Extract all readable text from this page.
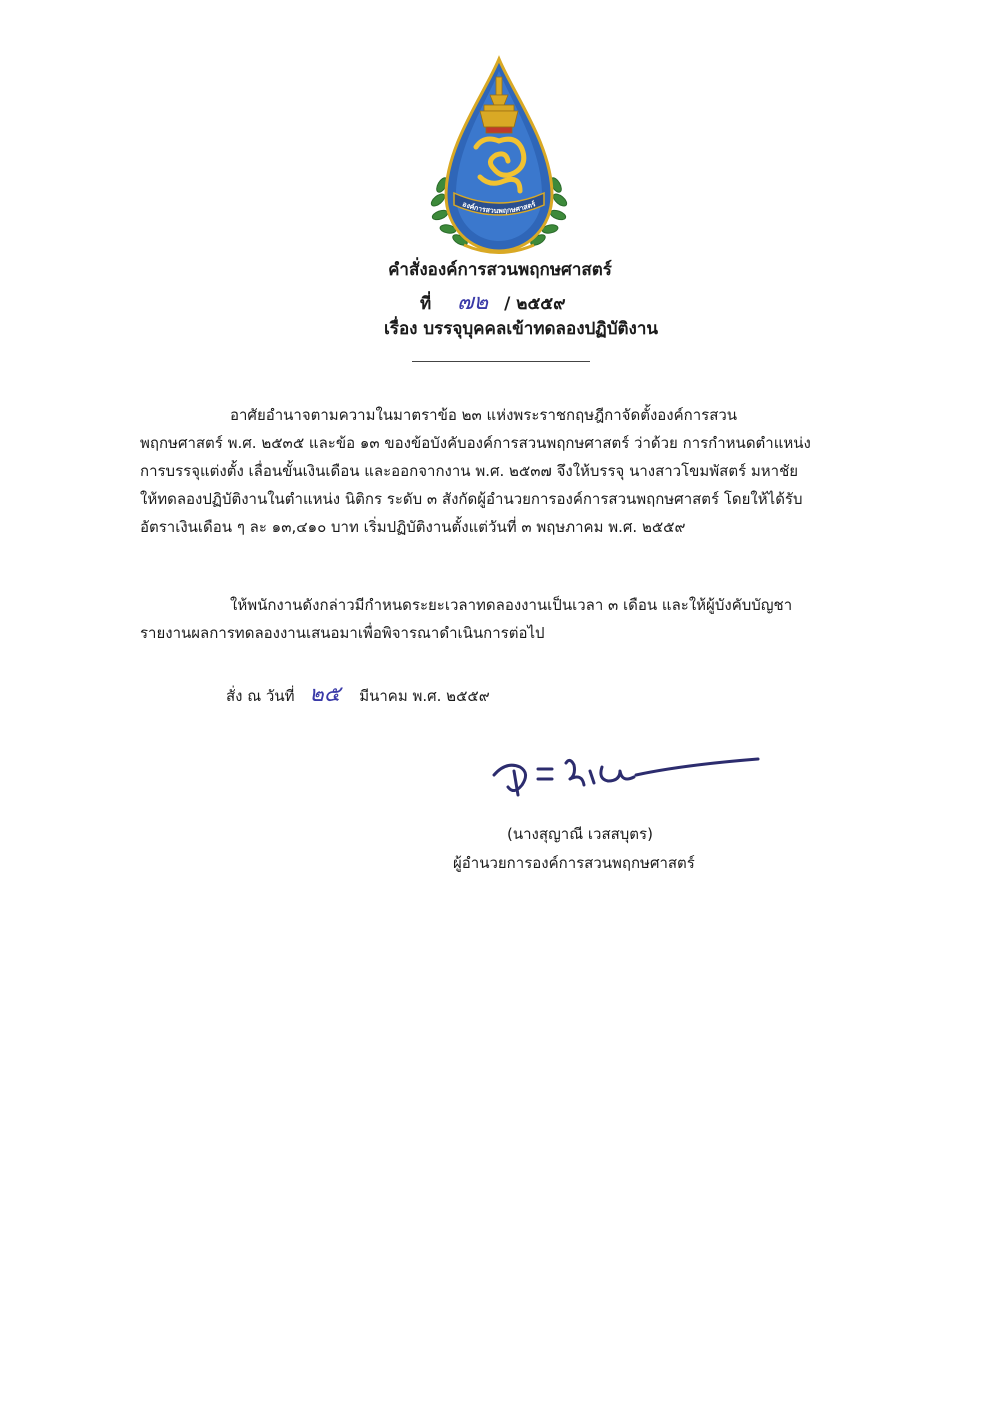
องค์การสวนพฤกษศาสตร์
คำสั่งองค์การสวนพฤกษศาสตร์
ที่ ๗๒ / ๒๕๕๙
เรื่อง บรรจุบุคคลเข้าทดลองปฏิบัติงาน
อาศัยอำนาจตามความในมาตราข้อ ๒๓ แห่งพระราชกฤษฎีกาจัดตั้งองค์การสวน
พฤกษศาสตร์ พ.ศ. ๒๕๓๕ และข้อ ๑๓ ของข้อบังคับองค์การสวนพฤกษศาสตร์ ว่าด้วย การกำหนดตำแหน่ง
การบรรจุแต่งตั้ง เลื่อนขั้นเงินเดือน และออกจากงาน พ.ศ. ๒๕๓๗ จึงให้บรรจุ นางสาวโขมพัสตร์ มหาชัย
ให้ทดลองปฏิบัติงานในตำแหน่ง นิติกร ระดับ ๓ สังกัดผู้อำนวยการองค์การสวนพฤกษศาสตร์ โดยให้ได้รับ
อัตราเงินเดือน ๆ ละ ๑๓,๔๑๐ บาท เริ่มปฏิบัติงานตั้งแต่วันที่ ๓ พฤษภาคม พ.ศ. ๒๕๕๙
ให้พนักงานดังกล่าวมีกำหนดระยะเวลาทดลองงานเป็นเวลา ๓ เดือน และให้ผู้บังคับบัญชา
รายงานผลการทดลองงานเสนอมาเพื่อพิจารณาดำเนินการต่อไป
สั่ง ณ วันที่ ๒๕ มีนาคม พ.ศ. ๒๕๕๙
(นางสุญาณี เวสสบุตร)
ผู้อำนวยการองค์การสวนพฤกษศาสตร์
